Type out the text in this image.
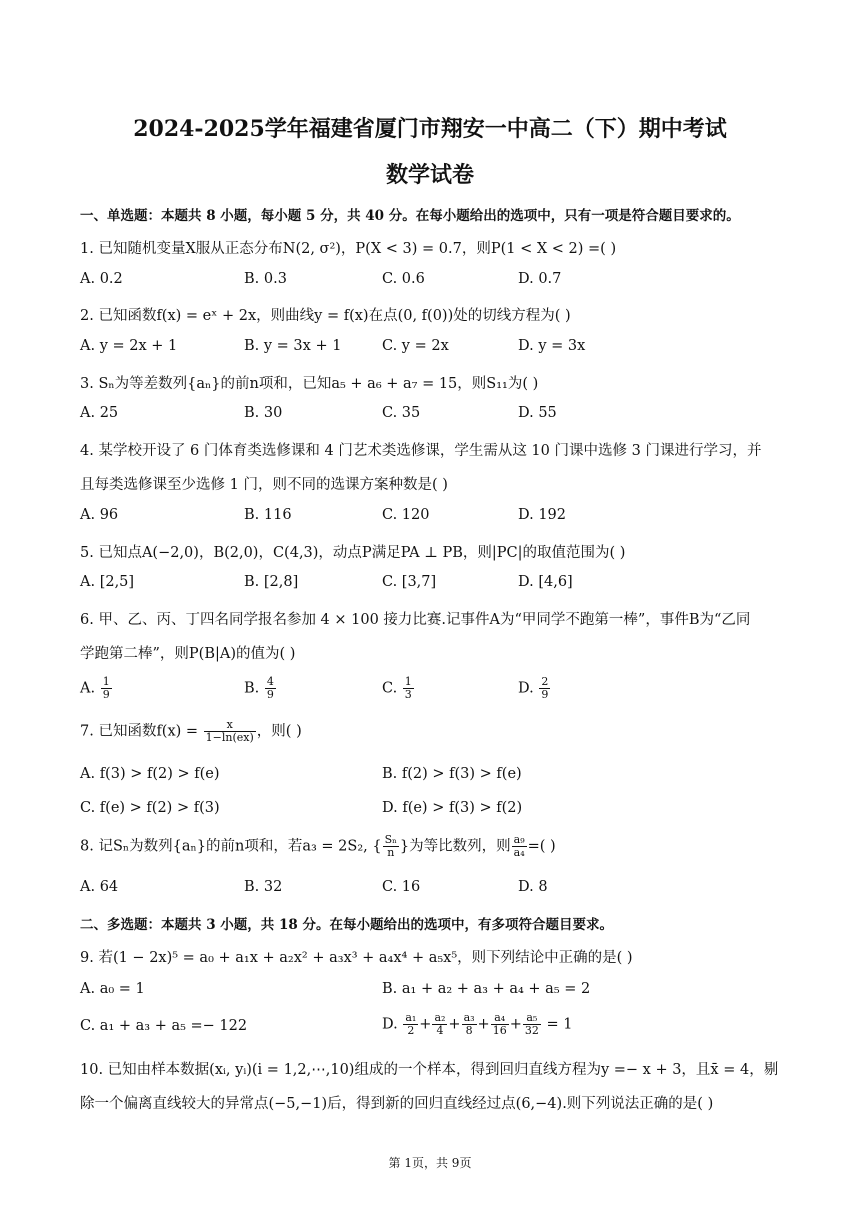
2024-2025学年福建省厦门市翔安一中高二（下）期中考试
数学试卷
一、单选题：本题共 8 小题，每小题 5 分，共 40 分。在每小题给出的选项中，只有一项是符合题目要求的。
1. 已知随机变量X服从正态分布N(2, σ²)，P(X < 3) = 0.7，则P(1 < X < 2) =( )
A. 0.2	B. 0.3	C. 0.6	D. 0.7
2. 已知函数f(x) = eˣ + 2x，则曲线y = f(x)在点(0, f(0))处的切线方程为( )
A. y = 2x + 1	B. y = 3x + 1	C. y = 2x	D. y = 3x
3. Sₙ为等差数列{aₙ}的前n项和，已知a₅ + a₆ + a₇ = 15，则S₁₁为( )
A. 25	B. 30	C. 35	D. 55
4. 某学校开设了 6 门体育类选修课和 4 门艺术类选修课，学生需从这 10 门课中选修 3 门课进行学习，并
且每类选修课至少选修 1 门，则不同的选课方案种数是( )
A. 96	B. 116	C. 120	D. 192
5. 已知点A(−2,0)，B(2,0)，C(4,3)，动点P满足PA ⊥ PB，则|PC|的取值范围为( )
A. [2,5]	B. [2,8]	C. [3,7]	D. [4,6]
6. 甲、乙、丙、丁四名同学报名参加 4 × 100 接力比赛.记事件A为“甲同学不跑第一棒”，事件B为“乙同
学跑第二棒”，则P(B|A)的值为( )
A. $\frac{1}{9}$	B. $\frac{4}{9}$	C. $\frac{1}{3}$	D. $\frac{2}{9}$
7. 已知函数$f(x) = \frac{x}{1-\ln(ex)}$ ，则( )
A. f(3) > f(2) > f(e)	B. f(2) > f(3) > f(e)
C. f(e) > f(2) > f(3)	D. f(e) > f(3) > f(2)
8. 记Sₙ为数列{aₙ}的前n项和，若a₃ = 2S₂, { $\frac{\text{Sₙ}}{n}$ }为等比数列，则 $\frac{\text{a₉}}{\text{a₄}}$ =( )
A. 64	B. 32	C. 16	D. 8
二、多选题：本题共 3 小题，共 18 分。在每小题给出的选项中，有多项符合题目要求。
9. 若(1 − 2x)⁵ = a₀ + a₁x + a₂x² + a₃x³ + a₄x⁴ + a₅x⁵，则下列结论中正确的是( )
A. a₀ = 1	B. a₁ + a₂ + a₃ + a₄ + a₅ = 2
C. a₁ + a₃ + a₅ =− 122	D. $\frac{\text{a₁}}{2} + \frac{\text{a₂}}{4} + \frac{\text{a₃}}{8} + \frac{\text{a₄}}{16} + \frac{\text{a₅}}{32} = 1$
10. 已知由样本数据(xᵢ, yᵢ)(i = 1,2,⋯,10)组成的一个样本，得到回归直线方程为y =− x + 3，且x̄ = 4，剔
除一个偏离直线较大的异常点(−5,−1)后，得到新的回归直线经过点(6,−4).则下列说法正确的是( )
第 1页，共 9页
